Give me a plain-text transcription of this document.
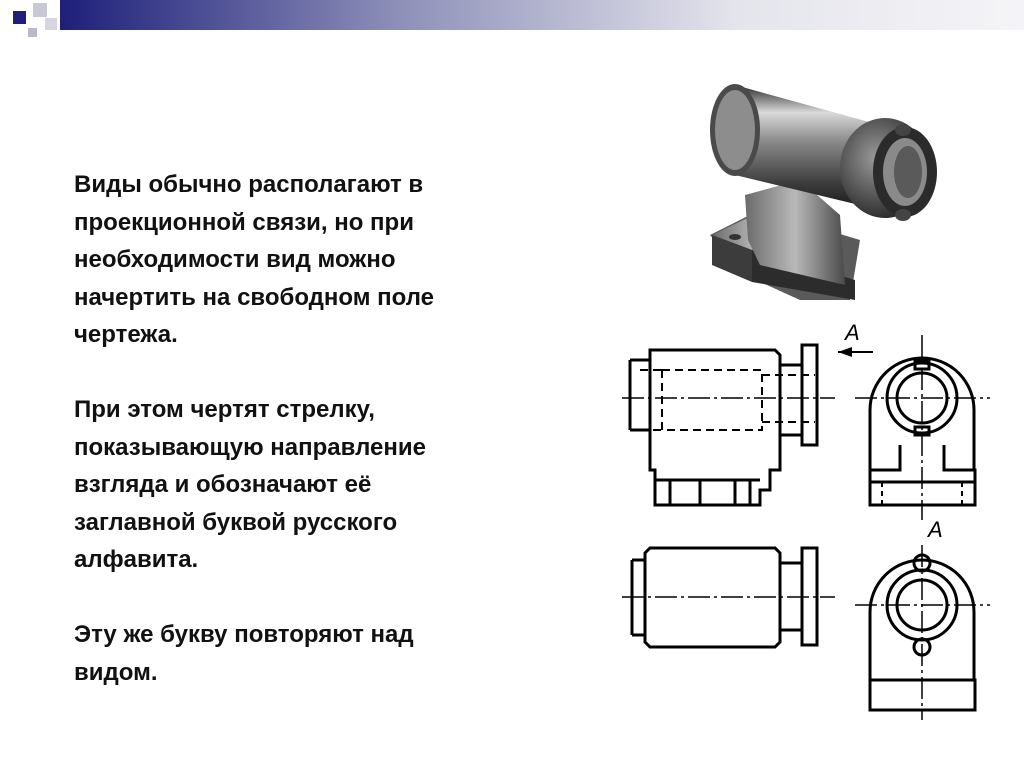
Виды обычно располагают в
проекционной связи, но при
необходимости вид можно
начертить на свободном поле
чертежа.

При этом чертят стрелку,
показывающую направление
взгляда и обозначают её
заглавной буквой русского
алфавита.

Эту же букву повторяют над
видом.

A
A
